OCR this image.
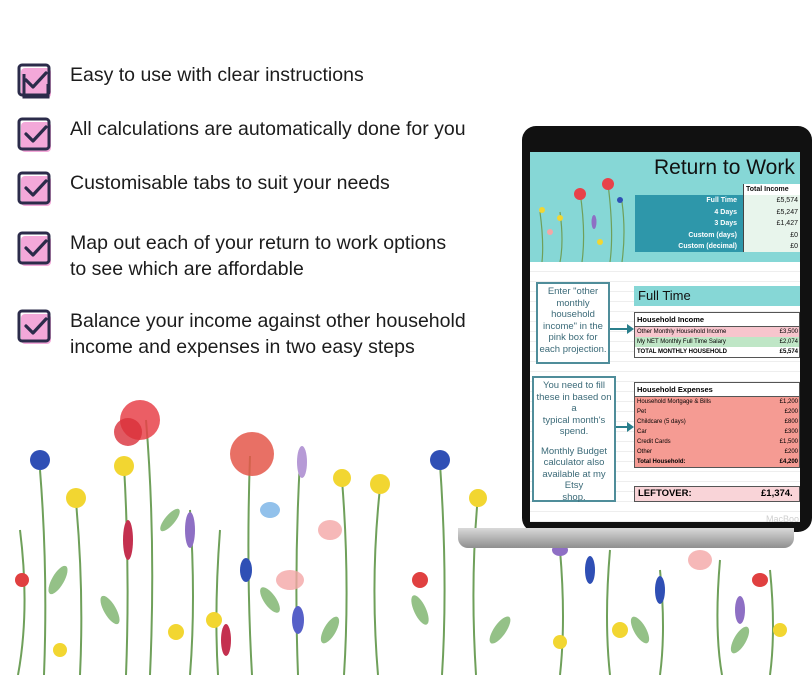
Easy to use with clear instructions
All calculations are automatically done for you
Customisable tabs to suit your needs
Map out each of your return to work options
to see which are affordable
Balance your income against other household
income and expenses in two easy steps
Return to Work
Total Income
Full Time	£5,574
4 Days	£5,247
3 Days	£1,427
Custom (days)	£0
Custom (decimal)	£0
Enter "other
monthly
household
income" in the
pink box for
each projection.
You need to fill
these in based on a
typical month's
spend.
Monthly Budget
calculator also
available at my Etsy
shop.
Full Time
Household Income
Other Monthly Household Income	£3,500
My NET Monthly Full Time Salary	£2,074
TOTAL MONTHLY HOUSEHOLD	£5,574
Household Expenses
Household Mortgage & Bills	£1,200
Pet	£200
Childcare (5 days)	£800
Car	£300
Credit Cards	£1,500
Other	£200
Total Household:	£4,200
LEFTOVER:	£1,374.
MacBoo
